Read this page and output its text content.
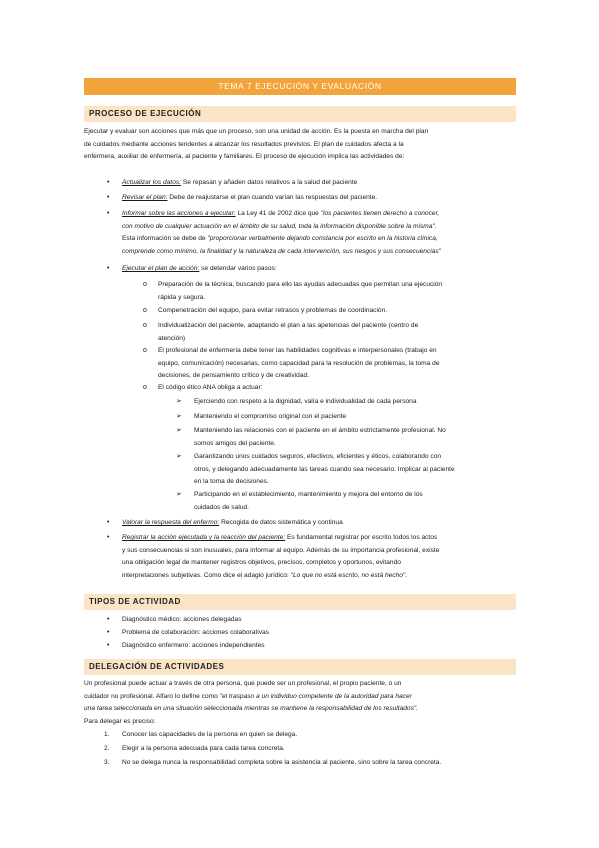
TEMA 7 EJECUCIÓN Y EVALUACIÓN
PROCESO DE EJECUCIÓN
Ejecutar y evaluar son acciones que más que un proceso, son una unidad de acción. Es la puesta en marcha del plan
de cuidados mediante acciones tendentes a alcanzar los resultados previstos. El plan de cuidados afecta a la
enfermera, auxiliar de enfermería, al paciente y familiares. El proceso de ejecución implica las actividades de:
• Actualizar los datos: Se repasan y añaden datos relativos a la salud del paciente
• Revisar el plan: Debe de reajustarse el plan cuando varían las respuestas del paciente.
• Informar sobre las acciones a ejecutar: La Ley 41 de 2002 dice que "los pacientes tienen derecho a conocer,
con motivo de cualquier actuación en el ámbito de su salud, toda la información disponible sobre la misma".
Esta información se debe de "proporcionar verbalmente dejando constancia por escrito en la historia clínica,
comprende como mínimo, la finalidad y la naturaleza de cada intervención, sus riesgos y sus consecuencias"
• Ejecutar el plan de acción: se detendar varios pasos:
o Preparación de la técnica, buscando para ello las ayudas adecuadas que permitan una ejecución
rápida y segura.
o Compenetración del equipo, para evitar retrasos y problemas de coordinación.
o Individualización del paciente, adaptando el plan a las apetencias del paciente (centro de
atención)
o El profesional de enfermería debe tener las habilidades cognitivas e interpersonales (trabajo en
equipo, comunicación) necesarias, como capacidad para la resolución de problemas, la toma de
decisiones, de pensamiento crítico y de creatividad.
o El código ético ANA obliga a actuar:
➢ Ejerciendo con respeto a la dignidad, valía e individualidad de cada persona
➢ Manteniendo el compromiso original con el paciente
➢ Manteniendo las relaciones con el paciente en el ámbito estrictamente profesional. No
somos amigos del paciente.
➢ Garantizando unos cuidados seguros, efectivos, eficientes y éticos, colaborando con
otros, y delegando adecuadamente las tareas cuando sea necesario. Implicar al paciente
en la toma de decisiones.
➢ Participando en el establecimiento, mantenimiento y mejora del entorno de los
cuidados de salud.
• Valorar la respuesta del enfermo: Recogida de datos sistemática y continua
• Registrar la acción ejecutada y la reacción del paciente: Es fundamental registrar por escrito todos los actos
y sus consecuencias si son inusuales, para informar al equipo. Además de su importancia profesional, existe
una obligación legal de mantener registros objetivos, precisos, completos y oportunos, evitando
interpretaciones subjetivas. Como dice el adagio jurídico: "Lo que no está escrito, no está hecho".
TIPOS DE ACTIVIDAD
• Diagnóstico médico: acciones delegadas
• Problema de colaboración: acciones colaborativas
• Diagnóstico enfermero: acciones independientes
DELEGACIÓN DE ACTIVIDADES
Un profesional puede actuar a través de otra persona, que puede ser un profesional, el propio paciente, o un
cuidador no profesional. Alfaro lo define como "el traspaso a un individuo competente de la autoridad para hacer
una tarea seleccionada en una situación seleccionada mientras se mantiene la responsabilidad de los resultados".
Para delegar es preciso:
1. Conocer las capacidades de la persona en quien se delega.
2. Elegir a la persona adecuada para cada tarea concreta.
3. No se delega nunca la responsabilidad completa sobre la asistencia al paciente, sino sobre la tarea concreta.
